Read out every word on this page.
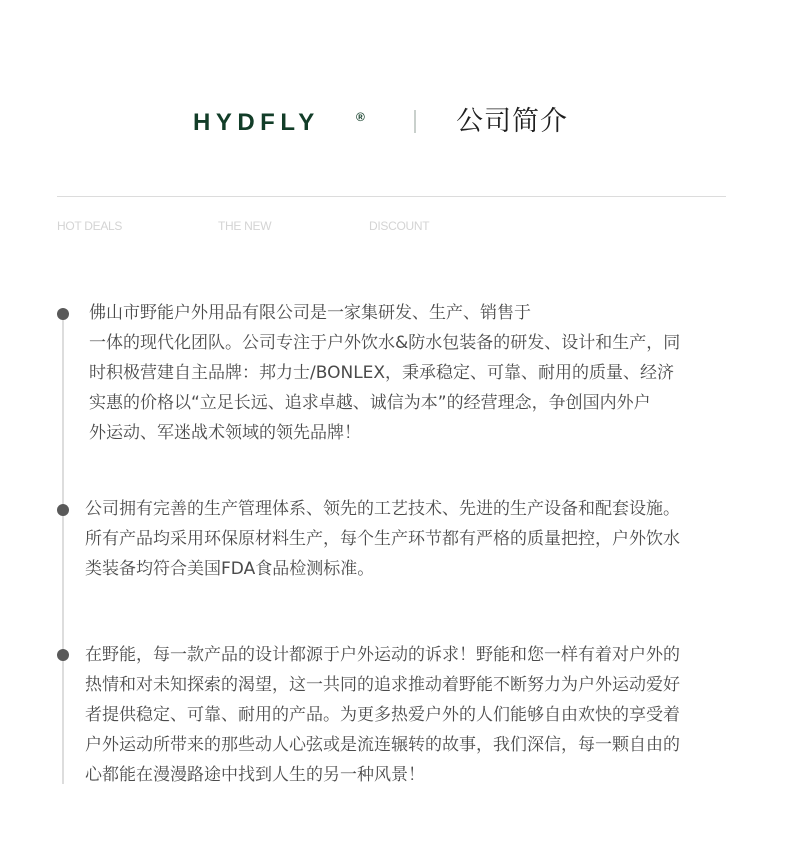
HYDFLY	®	公司简介
HOT DEALS	THE NEW	DISCOUNT
佛山市野能户外用品有限公司是一家集研发、生产、销售于
一体的现代化团队。公司专注于户外饮水&防水包装备的研发、设计和生产，同
时积极营建自主品牌：邦力士/BONLEX，秉承稳定、可靠、耐用的质量、经济
实惠的价格以“立足长远、追求卓越、诚信为本”的经营理念，争创国内外户
外运动、军迷战术领域的领先品牌！
公司拥有完善的生产管理体系、领先的工艺技术、先进的生产设备和配套设施。
所有产品均采用环保原材料生产，每个生产环节都有严格的质量把控，户外饮水
类装备均符合美国FDA食品检测标准。
在野能，每一款产品的设计都源于户外运动的诉求！野能和您一样有着对户外的
热情和对未知探索的渴望，这一共同的追求推动着野能不断努力为户外运动爱好
者提供稳定、可靠、耐用的产品。为更多热爱户外的人们能够自由欢快的享受着
户外运动所带来的那些动人心弦或是流连辗转的故事，我们深信，每一颗自由的
心都能在漫漫路途中找到人生的另一种风景！
